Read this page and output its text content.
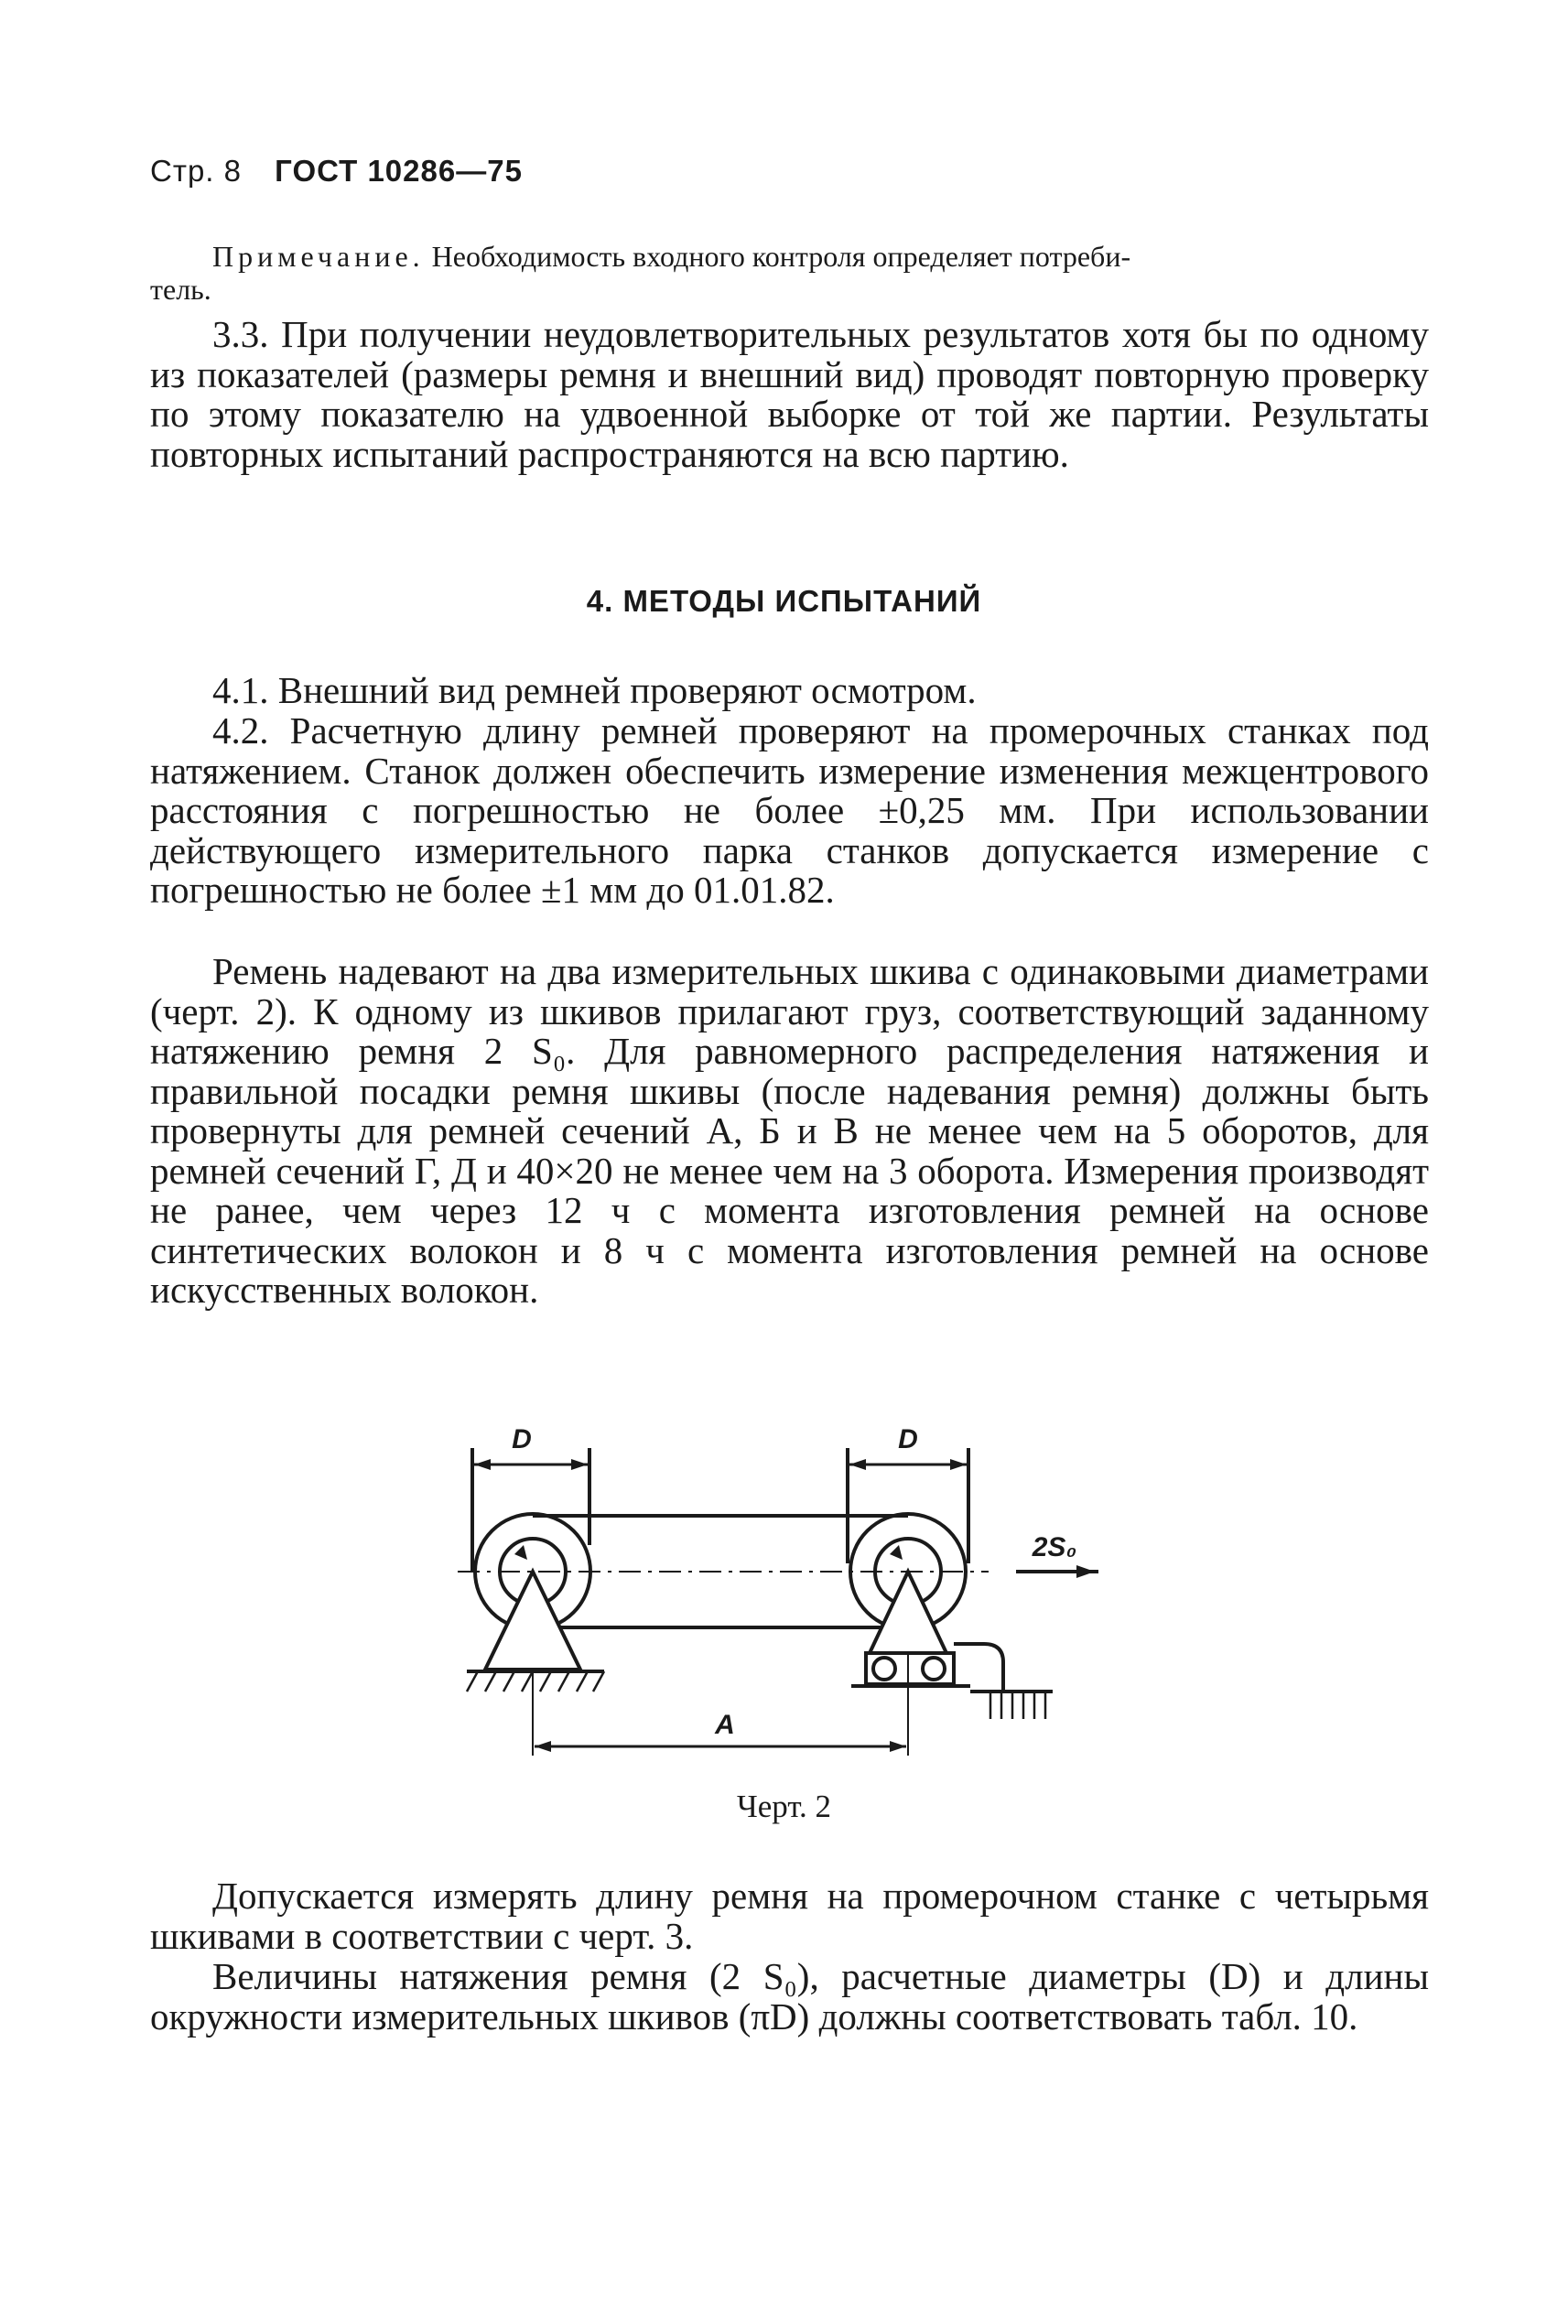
Стр. 8 ГОСТ 10286—75

Примечание. Необходимость входного контроля определяет потреби-

тель.

3.3. При получении неудовлетворительных результатов хотя бы по одному из показателей (размеры ремня и внешний вид) проводят повторную проверку по этому показателю на удвоенной выборке от той же партии. Результаты повторных испытаний распространяются на всю партию.

4. МЕТОДЫ ИСПЫТАНИЙ

4.1. Внешний вид ремней проверяют осмотром.

4.2. Расчетную длину ремней проверяют на промерочных станках под натяжением. Станок должен обеспечить измерение изменения межцентрового расстояния с погрешностью не более ±0,25 мм. При использовании действующего измерительного парка станков допускается измерение с погрешностью не более ±1 мм до 01.01.82.

Ремень надевают на два измерительных шкива с одинаковыми диаметрами (черт. 2). К одному из шкивов прилагают груз, соответствующий заданному натяжению ремня 2 S₀. Для равномерного распределения натяжения и правильной посадки ремня шкивы (после надевания ремня) должны быть провернуты для ремней сечений А, Б и В не менее чем на 5 оборотов, для ремней сечений Г, Д и 40×20 не менее чем на 3 оборота. Измерения производят не ранее, чем через 12 ч с момента изготовления ремней на основе синтетических волокон и 8 ч с момента изготовления ремней на основе искусственных волокон.

D	D
2S₀
A
Черт. 2

Допускается измерять длину ремня на промерочном станке с четырьмя шкивами в соответствии с черт. 3.

Величины натяжения ремня (2 S₀), расчетные диаметры (D) и длины окружности измерительных шкивов (πD) должны соответствовать табл. 10.
